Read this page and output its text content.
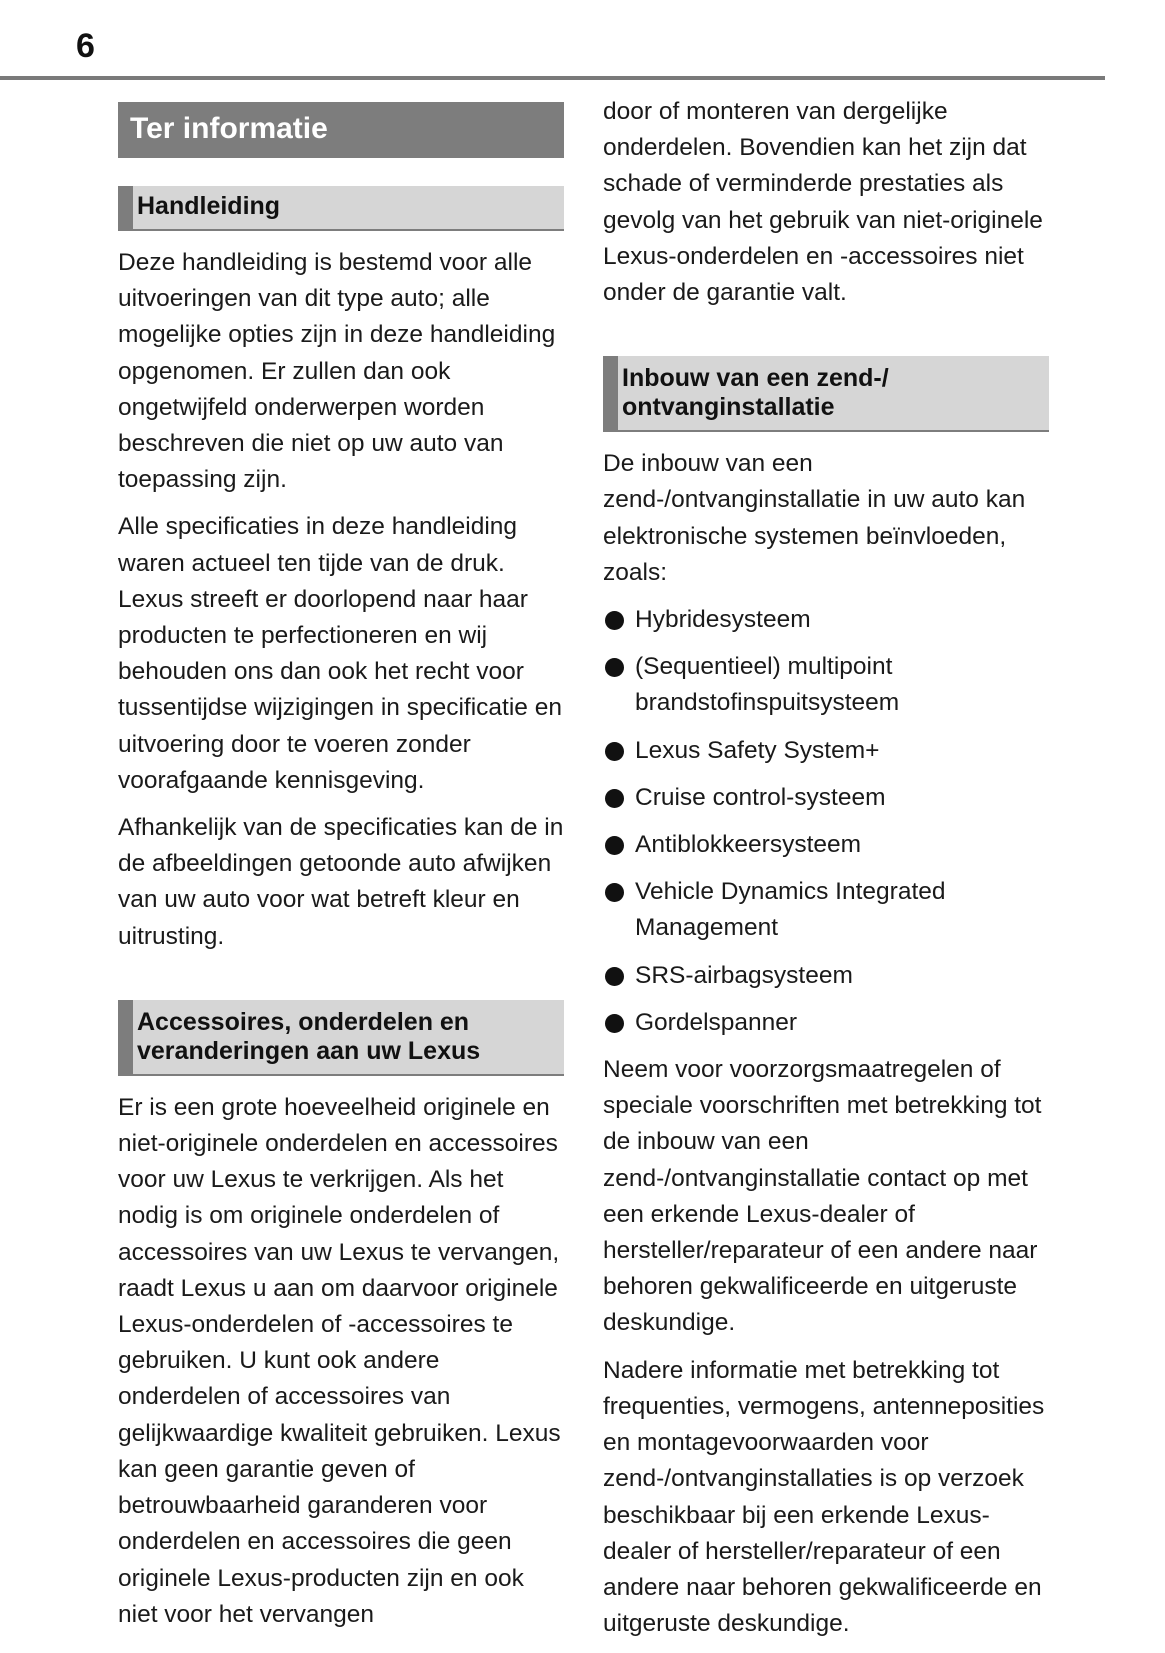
6
Ter informatie
Handleiding

Deze handleiding is bestemd voor alle uitvoeringen van dit type auto; alle mogelijke opties zijn in deze handleiding opgenomen. Er zullen dan ook ongetwijfeld onderwerpen worden beschreven die niet op uw auto van toepassing zijn.

Alle specificaties in deze handleiding waren actueel ten tijde van de druk. Lexus streeft er doorlopend naar haar producten te perfectioneren en wij behouden ons dan ook het recht voor tussentijdse wijzigingen in specificatie en uitvoering door te voeren zonder voorafgaande kennisgeving.

Afhankelijk van de specificaties kan de in de afbeeldingen getoonde auto afwijken van uw auto voor wat betreft kleur en uitrusting.

Accessoires, onderdelen en
veranderingen aan uw Lexus

Er is een grote hoeveelheid originele en niet-originele onderdelen en accessoires voor uw Lexus te verkrijgen. Als het nodig is om originele onderdelen of accessoires van uw Lexus te vervangen, raadt Lexus u aan om daarvoor originele Lexus-onderdelen of -accessoires te gebruiken. U kunt ook andere onderdelen of accessoires van gelijkwaardige kwaliteit gebruiken. Lexus kan geen garantie geven of betrouwbaarheid garanderen voor onderdelen en accessoires die geen originele Lexus-producten zijn en ook niet voor het vervangen

door of monteren van dergelijke onderdelen. Bovendien kan het zijn dat schade of verminderde prestaties als gevolg van het gebruik van niet-originele Lexus-onderdelen en -accessoires niet onder de garantie valt.

Inbouw van een zend-/
ontvanginstallatie

De inbouw van een zend-/ontvanginstallatie in uw auto kan elektronische systemen beïnvloeden, zoals:

Hybridesysteem
(Sequentieel) multipoint brandstofinspuitsysteem
Lexus Safety System+
Cruise control-systeem
Antiblokkeersysteem
Vehicle Dynamics Integrated Management
SRS-airbagsysteem
Gordelspanner

Neem voor voorzorgsmaatregelen of speciale voorschriften met betrekking tot de inbouw van een zend-/ontvanginstallatie contact op met een erkende Lexus-dealer of hersteller/reparateur of een andere naar behoren gekwalificeerde en uitgeruste deskundige.

Nadere informatie met betrekking tot frequenties, vermogens, antenneposities en montagevoorwaarden voor zend-/ontvanginstallaties is op verzoek beschikbaar bij een erkende Lexus-dealer of hersteller/reparateur of een andere naar behoren gekwalificeerde en uitgeruste deskundige.
